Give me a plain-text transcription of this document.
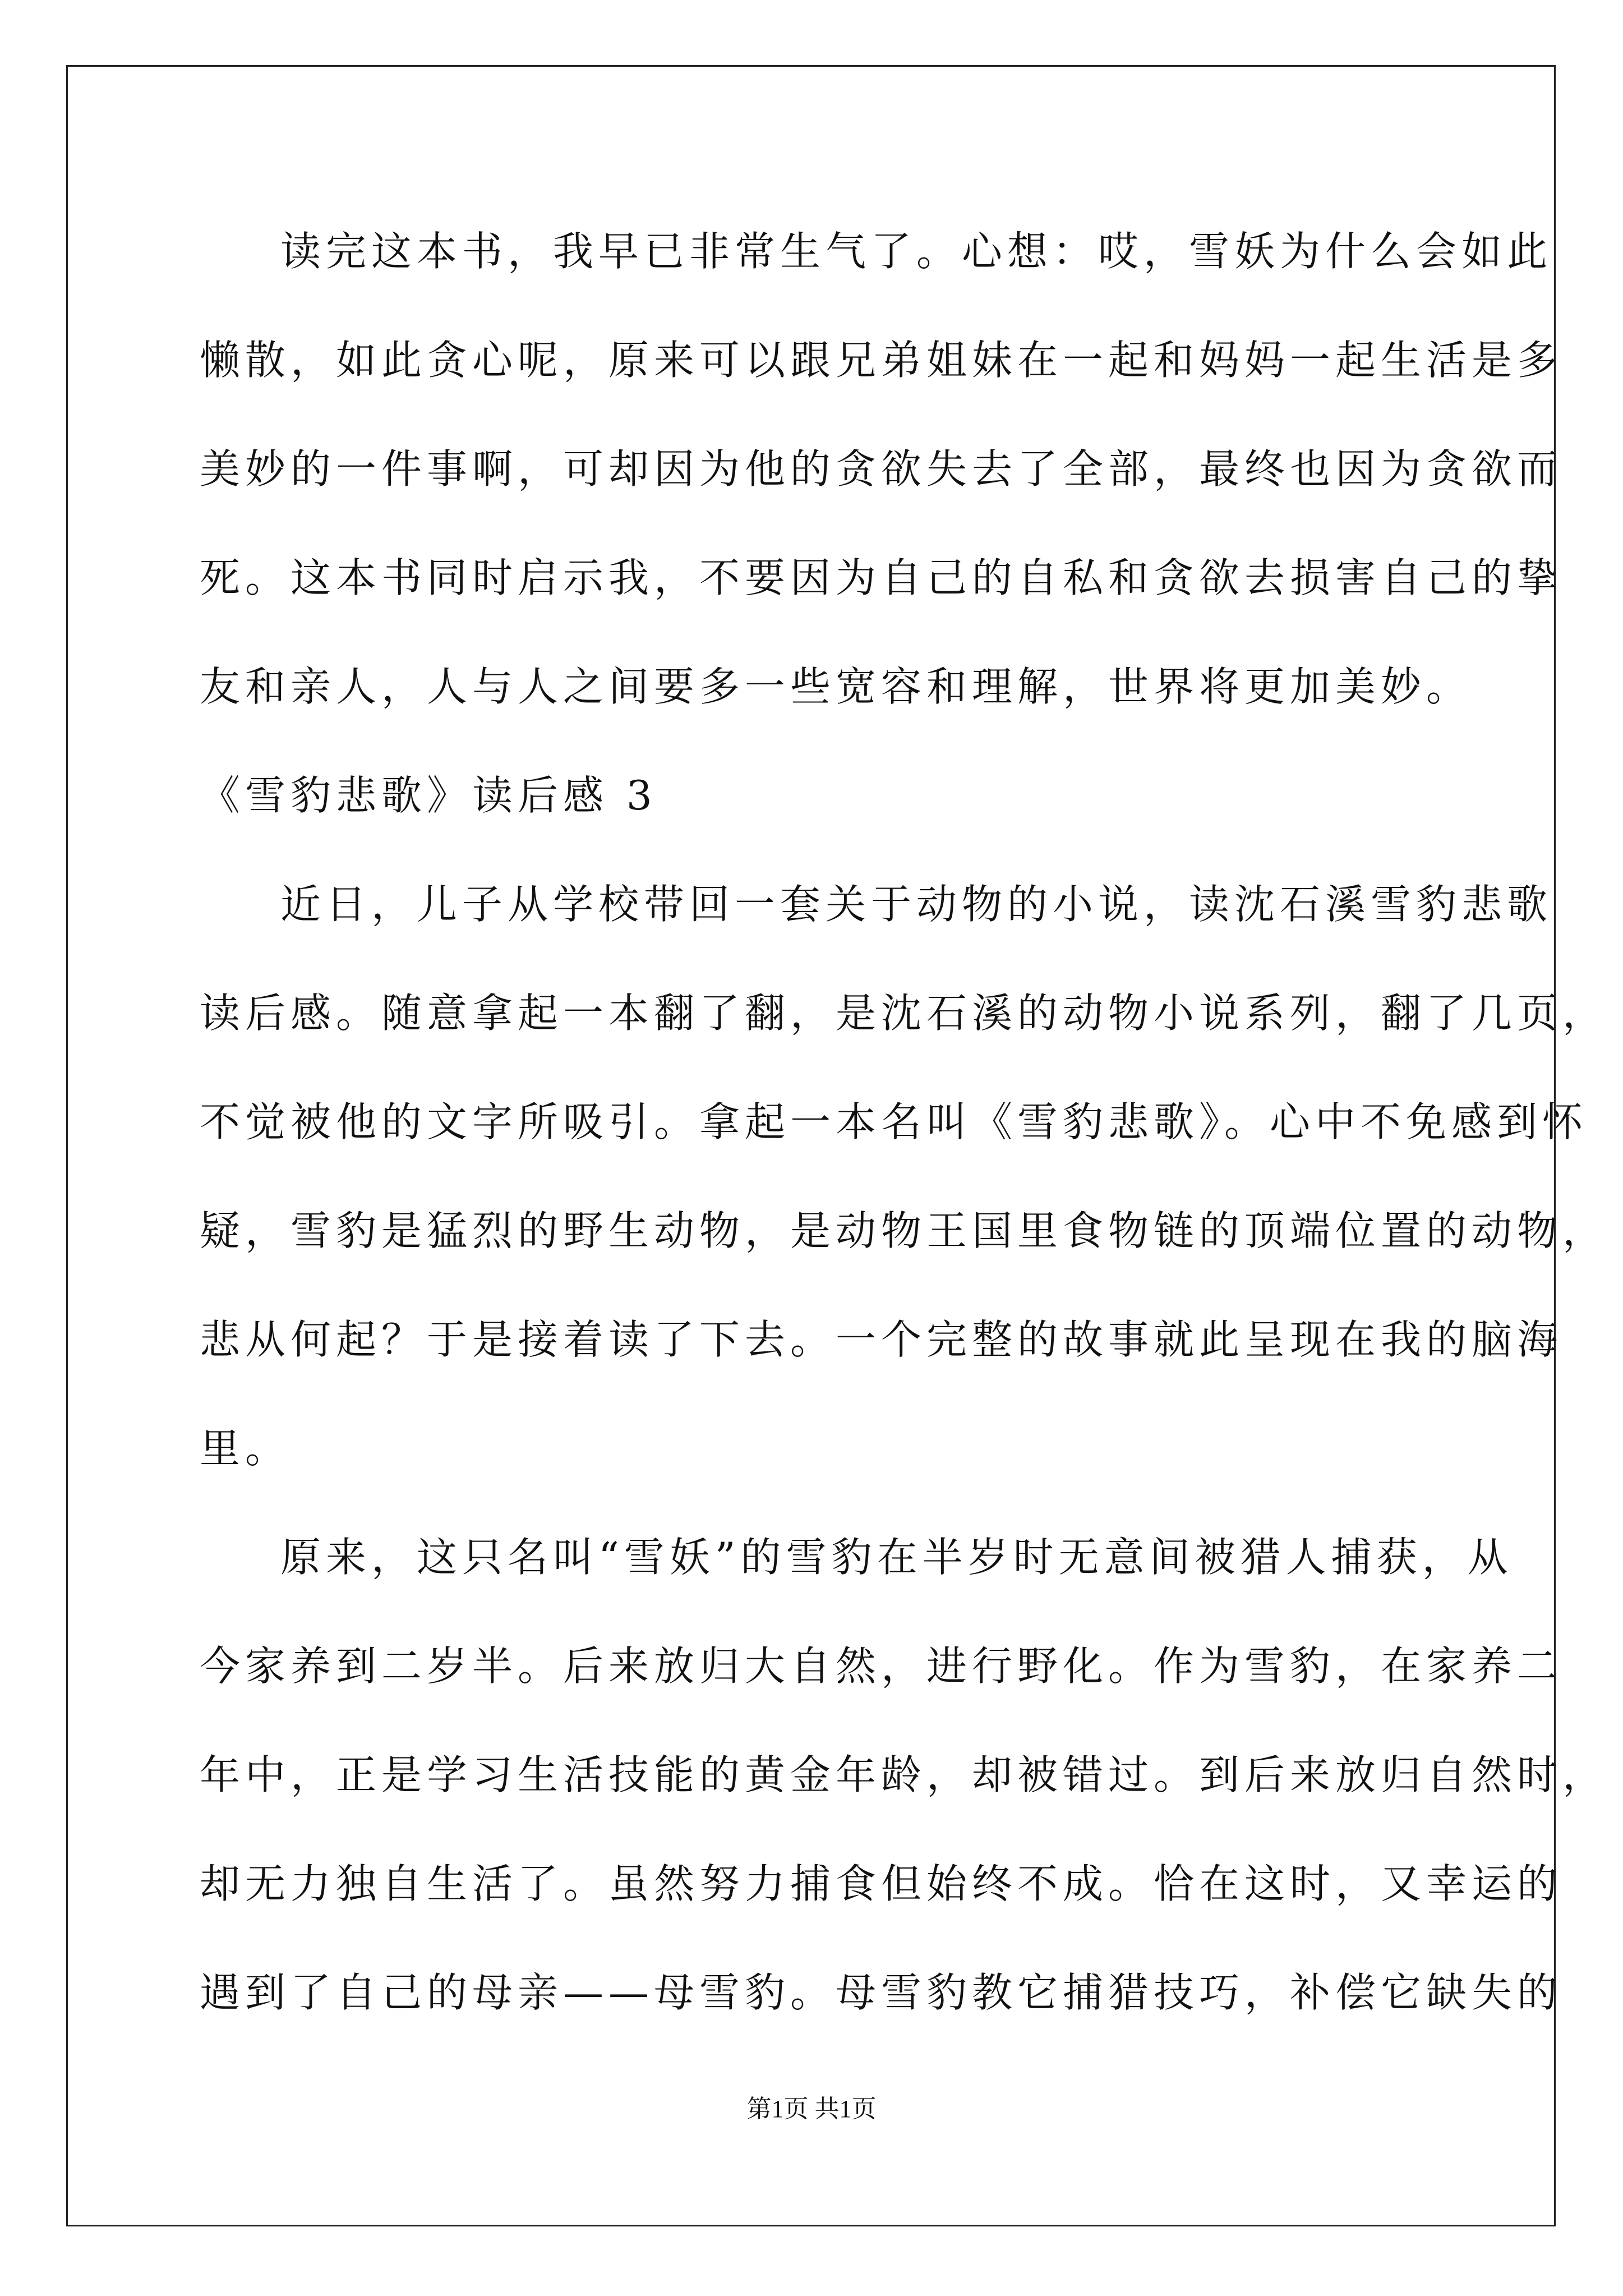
读完这本书，我早已非常生气了。心想：哎，雪妖为什么会如此
懒散，如此贪心呢，原来可以跟兄弟姐妹在一起和妈妈一起生活是多
美妙的一件事啊，可却因为他的贪欲失去了全部，最终也因为贪欲而
死。这本书同时启示我，不要因为自己的自私和贪欲去损害自己的挚
友和亲人，人与人之间要多一些宽容和理解，世界将更加美妙。
《雪豹悲歌》读后感 3
近日，儿子从学校带回一套关于动物的小说，读沈石溪雪豹悲歌
读后感。随意拿起一本翻了翻，是沈石溪的动物小说系列，翻了几页，
不觉被他的文字所吸引。拿起一本名叫《雪豹悲歌》。心中不免感到怀
疑，雪豹是猛烈的野生动物，是动物王国里食物链的顶端位置的动物，
悲从何起？于是接着读了下去。一个完整的故事就此呈现在我的脑海
里。
原来，这只名叫“雪妖”的雪豹在半岁时无意间被猎人捕获，从
今家养到二岁半。后来放归大自然，进行野化。作为雪豹，在家养二
年中，正是学习生活技能的黄金年龄，却被错过。到后来放归自然时，
却无力独自生活了。虽然努力捕食但始终不成。恰在这时，又幸运的
遇到了自己的母亲——母雪豹。母雪豹教它捕猎技巧，补偿它缺失的
第1页 共1页
